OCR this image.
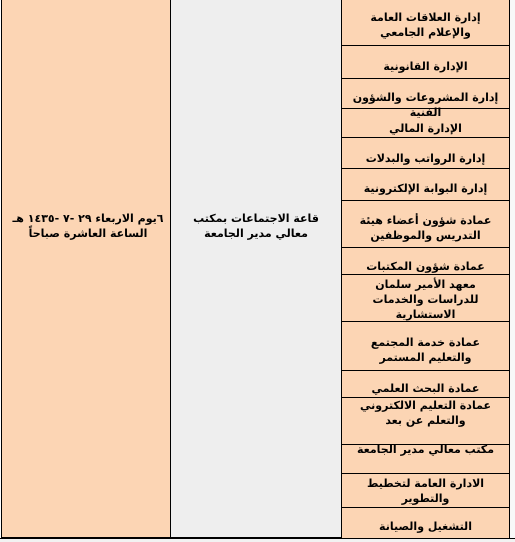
٦يوم الاربعاء ٢٩ -٧ -١٤٣٥ هـ الساعة العاشرة صباحاً
قاعة الاجتماعات بمكتب معالي مدير الجامعة
إدارة العلاقات العامة والإعلام الجامعي
الإدارة القانونية
إدارة المشروعات والشؤون الفنية
الإدارة المالي
إدارة الرواتب والبدلات
إدارة البوابة الإلكترونية
عمادة شؤون أعضاء هيئة التدريس والموظفين
عمادة شؤون المكتبات
معهد الأمير سلمان للدراسات والخدمات الاستشارية
عمادة خدمة المجتمع والتعليم المستمر
عمادة البحث العلمي
عمادة التعليم الالكتروني والتعلم عن بعد
مكتب معالي مدير الجامعة
الادارة العامة لتخطيط والتطوير
التشغيل والصيانة
